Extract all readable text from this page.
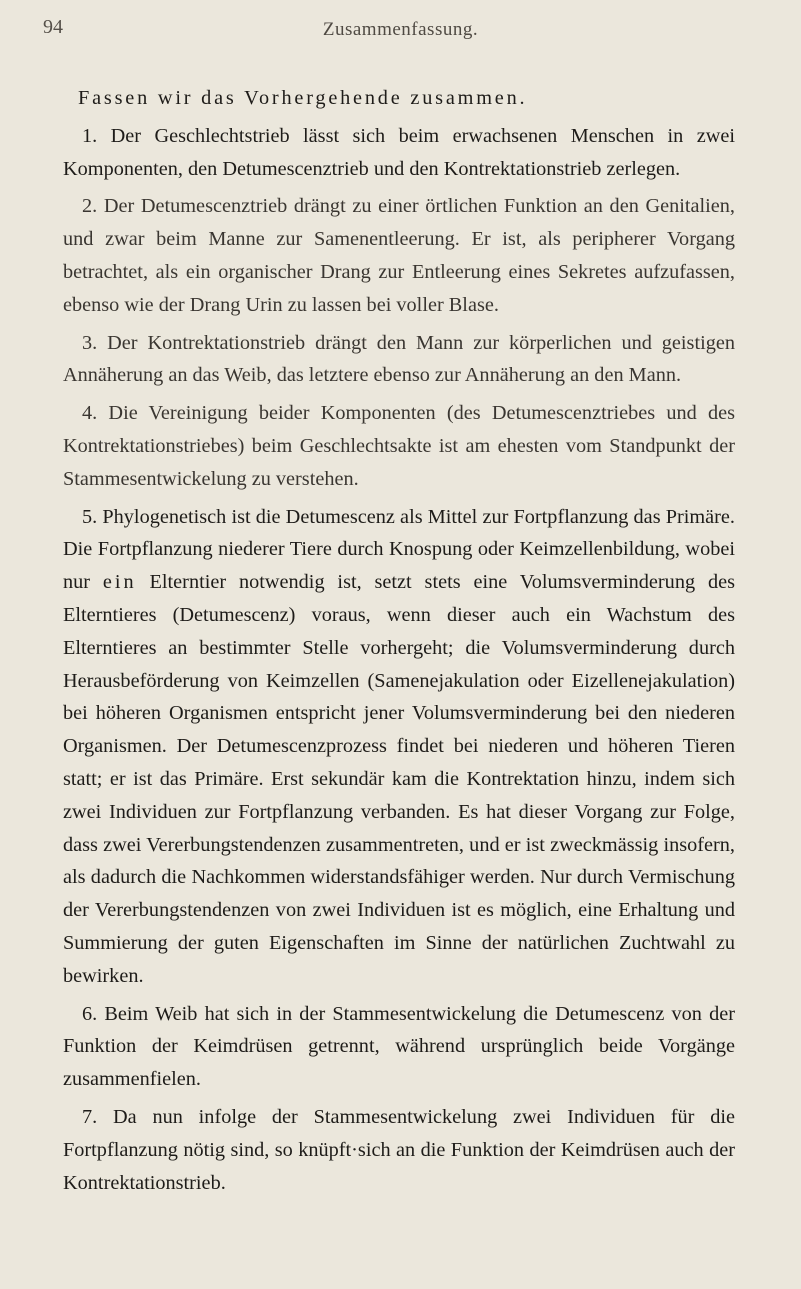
94	Zusammenfassung.

Fassen wir das Vorhergehende zusammen.

1. Der Geschlechtstrieb lässt sich beim erwachsenen Menschen in zwei Komponenten, den Detumescenztrieb und den Kontrektationstrieb zerlegen.

2. Der Detumescenztrieb drängt zu einer örtlichen Funktion an den Genitalien, und zwar beim Manne zur Samenentleerung. Er ist, als peripherer Vorgang betrachtet, als ein organischer Drang zur Entleerung eines Sekretes aufzufassen, ebenso wie der Drang Urin zu lassen bei voller Blase.

3. Der Kontrektationstrieb drängt den Mann zur körperlichen und geistigen Annäherung an das Weib, das letztere ebenso zur Annäherung an den Mann.

4. Die Vereinigung beider Komponenten (des Detumescenztriebes und des Kontrektationstriebes) beim Geschlechtsakte ist am ehesten vom Standpunkt der Stammesentwickelung zu verstehen.

5. Phylogenetisch ist die Detumescenz als Mittel zur Fortpflanzung das Primäre. Die Fortpflanzung niederer Tiere durch Knospung oder Keimzellenbildung, wobei nur ein Elterntier notwendig ist, setzt stets eine Volumsverminderung des Elterntieres (Detumescenz) voraus, wenn dieser auch ein Wachstum des Elterntieres an bestimmter Stelle vorhergeht; die Volumsverminderung durch Herausbeförderung von Keimzellen (Samenejakulation oder Eizellenejakulation) bei höheren Organismen entspricht jener Volumsverminderung bei den niederen Organismen. Der Detumescenzprozess findet bei niederen und höheren Tieren statt; er ist das Primäre. Erst sekundär kam die Kontrektation hinzu, indem sich zwei Individuen zur Fortpflanzung verbanden. Es hat dieser Vorgang zur Folge, dass zwei Vererbungstendenzen zusammentreten, und er ist zweckmässig insofern, als dadurch die Nachkommen widerstandsfähiger werden. Nur durch Vermischung der Vererbungstendenzen von zwei Individuen ist es möglich, eine Erhaltung und Summierung der guten Eigenschaften im Sinne der natürlichen Zuchtwahl zu bewirken.

6. Beim Weib hat sich in der Stammesentwickelung die Detumescenz von der Funktion der Keimdrüsen getrennt, während ursprünglich beide Vorgänge zusammenfielen.

7. Da nun infolge der Stammesentwickelung zwei Individuen für die Fortpflanzung nötig sind, so knüpft·sich an die Funktion der Keimdrüsen auch der Kontrektationstrieb.
